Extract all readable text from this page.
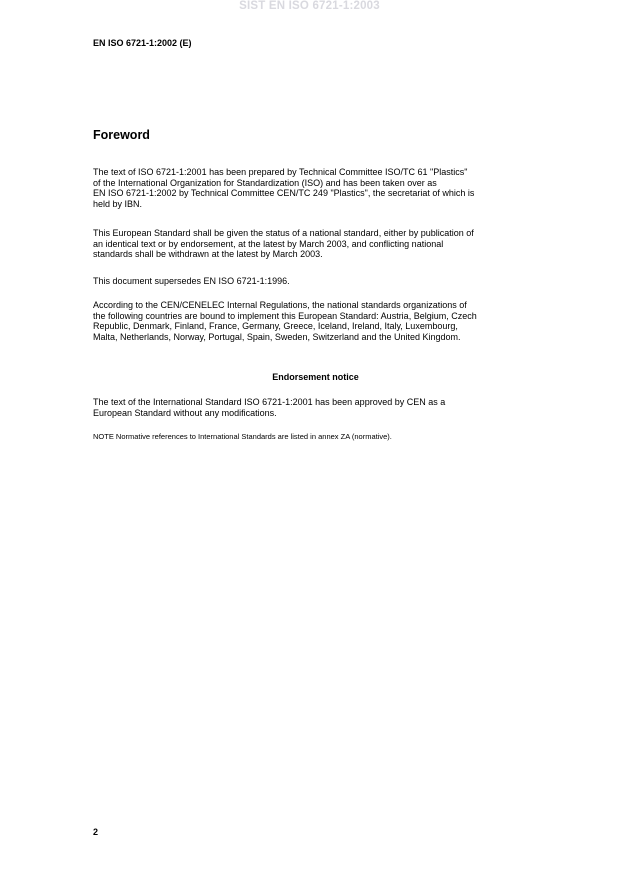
SIST EN ISO 6721-1:2003
EN ISO 6721-1:2002 (E)
Foreword
The text of ISO 6721-1:2001 has been prepared by Technical Committee ISO/TC 61 "Plastics"
of the International Organization for Standardization (ISO) and has been taken over as
EN ISO 6721-1:2002 by Technical Committee CEN/TC 249 "Plastics", the secretariat of which is
held by IBN.
This European Standard shall be given the status of a national standard, either by publication of
an identical text or by endorsement, at the latest by March 2003, and conflicting national
standards shall be withdrawn at the latest by March 2003.
This document supersedes EN ISO 6721-1:1996.
According to the CEN/CENELEC Internal Regulations, the national standards organizations of
the following countries are bound to implement this European Standard: Austria, Belgium, Czech
Republic, Denmark, Finland, France, Germany, Greece, Iceland, Ireland, Italy, Luxembourg,
Malta, Netherlands, Norway, Portugal, Spain, Sweden, Switzerland and the United Kingdom.
Endorsement notice
The text of the International Standard ISO 6721-1:2001 has been approved by CEN as a
European Standard without any modifications.
NOTE Normative references to International Standards are listed in annex ZA (normative).
2
